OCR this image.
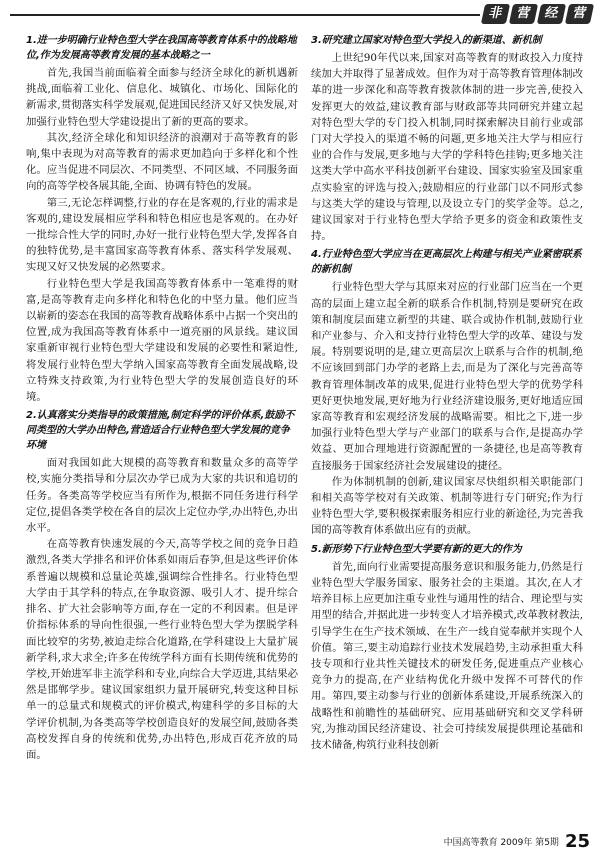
非 营 经 营
1.进一步明确行业特色型大学在我国高等教育体系中的战略地位,作为发展高等教育发展的基本战略之一

首先,我国当前面临着全面参与经济全球化的新机遇新挑战,面临着工业化、信息化、城镇化、市场化、国际化的新需求,贯彻落实科学发展观,促进国民经济又好又快发展,对加强行业特色型大学建设提出了新的更高的要求。

其次,经济全球化和知识经济的浪潮对于高等教育的影响,集中表现为对高等教育的需求更加趋向于多样化和个性化。应当促进不同层次、不同类型、不同区域、不同服务面向的高等学校各展其能,全面、协调有特色的发展。

第三,无论怎样调整,行业的存在是客观的,行业的需求是客观的,建设发展相应学科和特色相应也是客观的。在办好一批综合性大学的同时,办好一批行业特色型大学,发挥各自的独特优势,是丰富国家高等教育体系、落实科学发展观、实现又好又快发展的必然要求。

行业特色型大学是我国高等教育体系中一笔难得的财富,是高等教育走向多样化和特色化的中坚力量。他们应当以崭新的姿态在我国的高等教育战略体系中占据一个突出的位置,成为我国高等教育体系中一道亮丽的风景线。建议国家重新审视行业特色型大学建设和发展的必要性和紧迫性,将发展行业特色型大学纳入国家高等教育全面发展战略,设立特殊支持政策,为行业特色型大学的发展创造良好的环境。

2.认真落实分类指导的政策措施,制定科学的评价体系,鼓励不同类型的大学办出特色,营造适合行业特色型大学发展的竞争环境

面对我国如此大规模的高等教育和数量众多的高等学校,实施分类指导和分层次办学已成为大家的共识和追切的任务。各类高等学校应当有所作为,根据不同任务进行科学定位,提倡各类学校在各自的层次上定位办学,办出特色,办出水平。

在高等教育快速发展的今天,高等学校之间的竞争日趋激烈,各类大学排名和评价体系如雨后春笋,但是这些评价体系普遍以规模和总量论英雄,强调综合性排名。行业特色型大学由于其学科的特点,在争取资源、吸引人才、提升综合排名、扩大社会影响等方面,存在一定的不利因素。但是评价指标体系的导向性很强,一些行业特色型大学为摆脱学科面比较窄的劣势,被迫走综合化道路,在学科建设上大量扩展新学科,求大求全;许多在传统学科方面有长期传统和优势的学校,开始进军非主流学科和专业,向综合大学迈进,其结果必然是邯郸学步。建议国家组织力量开展研究,转变这种目标单一的总量式和规模式的评价模式,构建科学的多目标的大学评价机制,为各类高等学校创造良好的发展空间,鼓励各类高校发挥自身的传统和优势,办出特色,形成百花齐放的局面。

3.研究建立国家对特色型大学投入的新渠道、新机制

上世纪90年代以来,国家对高等教育的财政投入力度持续加大并取得了显著成效。但作为对于高等教育管理体制改革的进一步深化和高等教育拨款体制的进一步完善,使投入发挥更大的效益,建议教育部与财政部等共同研究并建立起对特色型大学的专门投入机制,同时探索解决目前行业或部门对大学投入的渠道不畅的问题,更多地关注大学与相应行业的合作与发展,更多地与大学的学科特色挂钩;更多地关注这类大学中高水平科技创新平台建设、国家实验室及国家重点实验室的评选与投入;鼓励相应的行业部门以不同形式参与这类大学的建设与管理,以及设立专门的奖学金等。总之,建议国家对于行业特色型大学给予更多的资金和政策性支持。

4.行业特色型大学应当在更高层次上构建与相关产业紧密联系的新机制

行业特色型大学与其原来对应的行业部门应当在一个更高的层面上建立起全新的联系合作机制,特别是要研究在政策和制度层面建立新型的共建、联合或协作机制,鼓励行业和产业参与、介入和支持行业特色型大学的改革、建设与发展。特别要说明的是,建立更高层次上联系与合作的机制,绝不应该回到部门办学的老路上去,而是为了深化与完善高等教育管理体制改革的成果,促进行业特色型大学的优势学科更好更快地发展,更好地为行业经济建设服务,更好地适应国家高等教育和宏观经济发展的战略需要。相比之下,进一步加强行业特色型大学与产业部门的联系与合作,是提高办学效益、更加合理地进行资源配置的一条捷径,也是高等教育直接服务于国家经济社会发展建设的捷径。

作为体制机制的创新,建议国家尽快组织相关职能部门和相关高等学校对有关政策、机制等进行专门研究;作为行业特色型大学,要积极探索服务相应行业的新途径,为完善我国的高等教育体系做出应有的贡献。

5.新形势下行业特色型大学要有新的更大的作为

首先,面向行业需要提高服务意识和服务能力,仍然是行业特色型大学服务国家、服务社会的主渠道。其次,在人才培养目标上应更加注重专业性与通用性的结合、理论型与实用型的结合,并据此进一步转变人才培养模式,改革教材教法,引导学生在生产技术领域、在生产一线自觉奉献并实现个人价值。第三,要主动追踪行业技术发展趋势,主动承担重大科技专项和行业共性关键技术的研发任务,促进重点产业核心竞争力的提高,在产业结构优化升级中发挥不可替代的作用。第四,要主动参与行业的创新体系建设,开展系统深入的战略性和前瞻性的基础研究、应用基础研究和交叉学科研究,为推动国民经济建设、社会可持续发展提供理论基础和技术储备,构筑行业科技创新

中国高等教育 2009年 第5期 25
